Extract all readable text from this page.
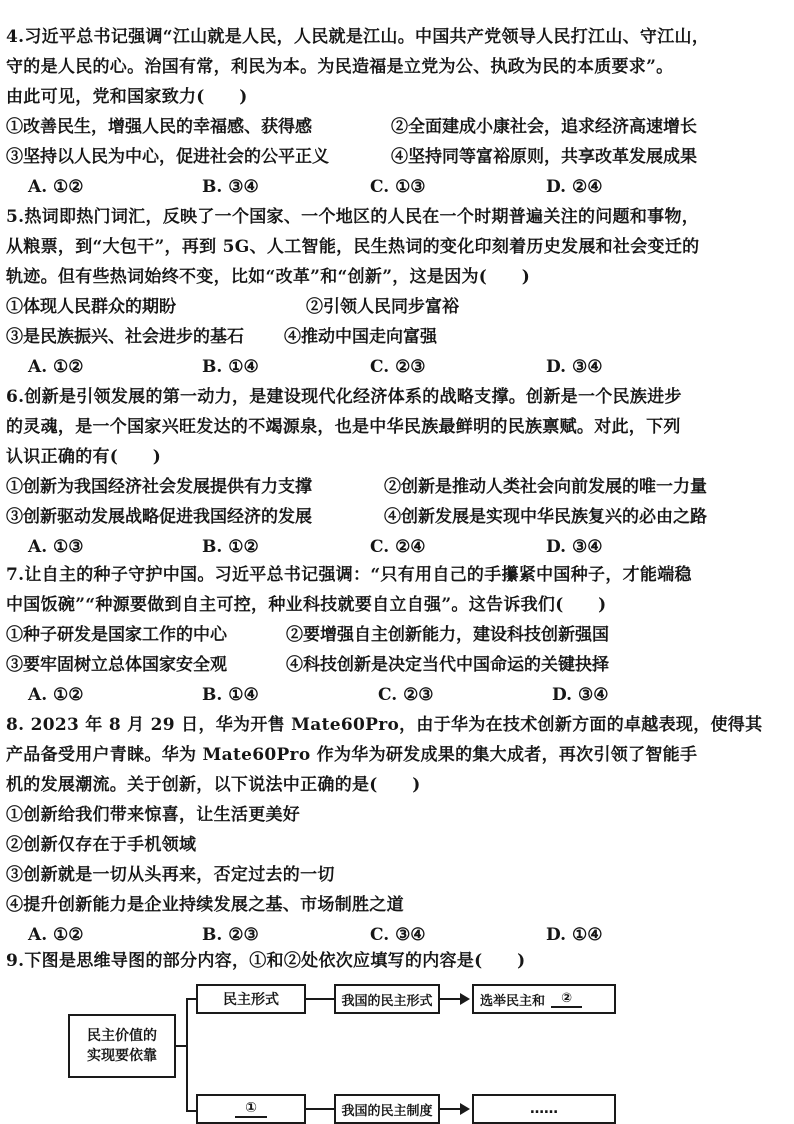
4.习近平总书记强调“江山就是人民，人民就是江山。中国共产党领导人民打江山、守江山，
守的是人民的心。治国有常，利民为本。为民造福是立党为公、执政为民的本质要求”。
由此可见，党和国家致力(　　)
①改善民生，增强人民的幸福感、获得感	②全面建成小康社会，追求经济高速增长
③坚持以人民为中心，促进社会的公平正义	④坚持同等富裕原则，共享改革发展成果
A. ①②	B. ③④	C. ①③	D. ②④
5.热词即热门词汇，反映了一个国家、一个地区的人民在一个时期普遍关注的问题和事物，
从粮票，到“大包干”，再到 5G、人工智能，民生热词的变化印刻着历史发展和社会变迁的
轨迹。但有些热词始终不变，比如“改革”和“创新”，这是因为(　　)
①体现人民群众的期盼	②引领人民同步富裕
③是民族振兴、社会进步的基石 ④推动中国走向富强
A. ①②	B. ①④	C. ②③	D. ③④
6.创新是引领发展的第一动力，是建设现代化经济体系的战略支撑。创新是一个民族进步
的灵魂，是一个国家兴旺发达的不竭源泉，也是中华民族最鲜明的民族禀赋。对此，下列
认识正确的有(　　)
①创新为我国经济社会发展提供有力支撑	②创新是推动人类社会向前发展的唯一力量
③创新驱动发展战略促进我国经济的发展	④创新发展是实现中华民族复兴的必由之路
A. ①③	B. ①②	C. ②④	D. ③④
7.让自主的种子守护中国。习近平总书记强调：“只有用自己的手攥紧中国种子，才能端稳
中国饭碗”“种源要做到自主可控，种业科技就要自立自强”。这告诉我们(　　)
①种子研发是国家工作的中心	②要增强自主创新能力，建设科技创新强国
③要牢固树立总体国家安全观	④科技创新是决定当代中国命运的关键抉择
A. ①②	B. ①④	C. ②③	D. ③④
8. 2023 年 8 月 29 日，华为开售 Mate60Pro，由于华为在技术创新方面的卓越表现，使得其
产品备受用户青睐。华为 Mate60Pro 作为华为研发成果的集大成者，再次引领了智能手
机的发展潮流。关于创新，以下说法中正确的是(　　)
①创新给我们带来惊喜，让生活更美好
②创新仅存在于手机领域
③创新就是一切从头再来，否定过去的一切
④提升创新能力是企业持续发展之基、市场制胜之道
A. ①②	B. ②③	C. ③④	D. ①④
9.下图是思维导图的部分内容，①和②处依次应填写的内容是(　　)
民主价值的
实现要依靠
民主形式	我国的民主形式	选举民主和	②
①	我国的民主制度	……
